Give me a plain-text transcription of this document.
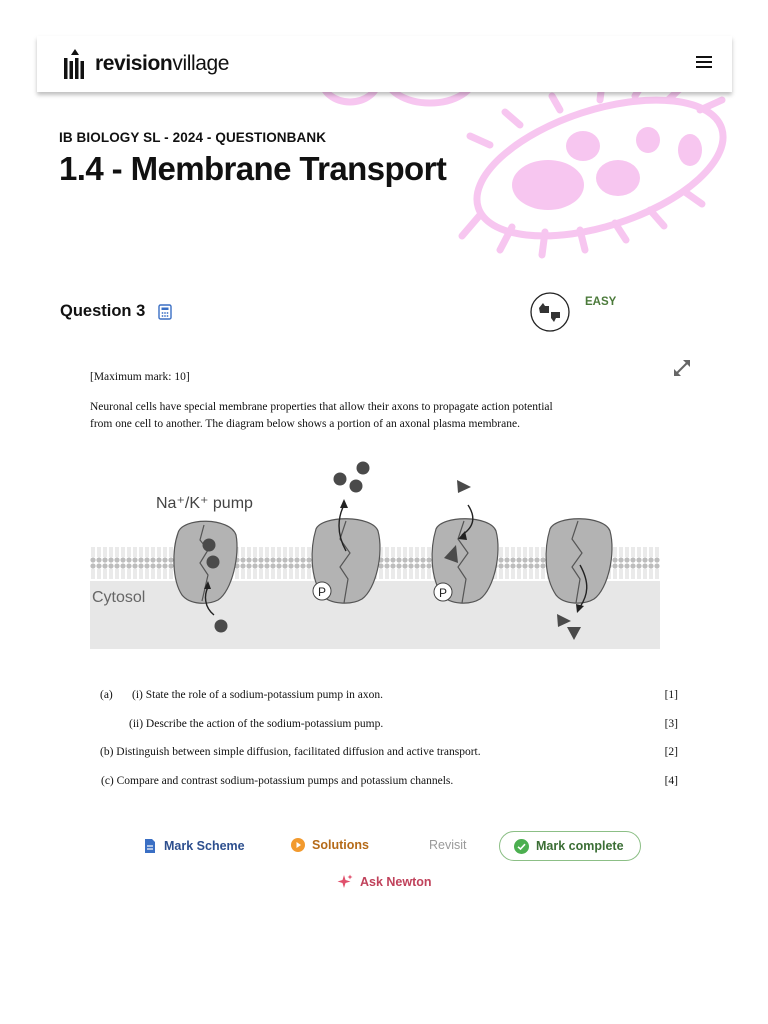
revisionvillage
IB BIOLOGY SL - 2024 - QUESTIONBANK
1.4 - Membrane Transport
Question 3	EASY
[Maximum mark: 10]
Neuronal cells have special membrane properties that allow their axons to propagate action potential
from one cell to another. The diagram below shows a portion of an axonal plasma membrane.
Na⁺/K⁺ pump
Cytosol	P	P
(a) (i) State the role of a sodium-potassium pump in axon.	[1]
(ii) Describe the action of the sodium-potassium pump.	[3]
(b) Distinguish between simple diffusion, facilitated diffusion and active transport.	[2]
(c) Compare and contrast sodium-potassium pumps and potassium channels.	[4]
Mark Scheme	Solutions	Revisit	Mark complete
Ask Newton
